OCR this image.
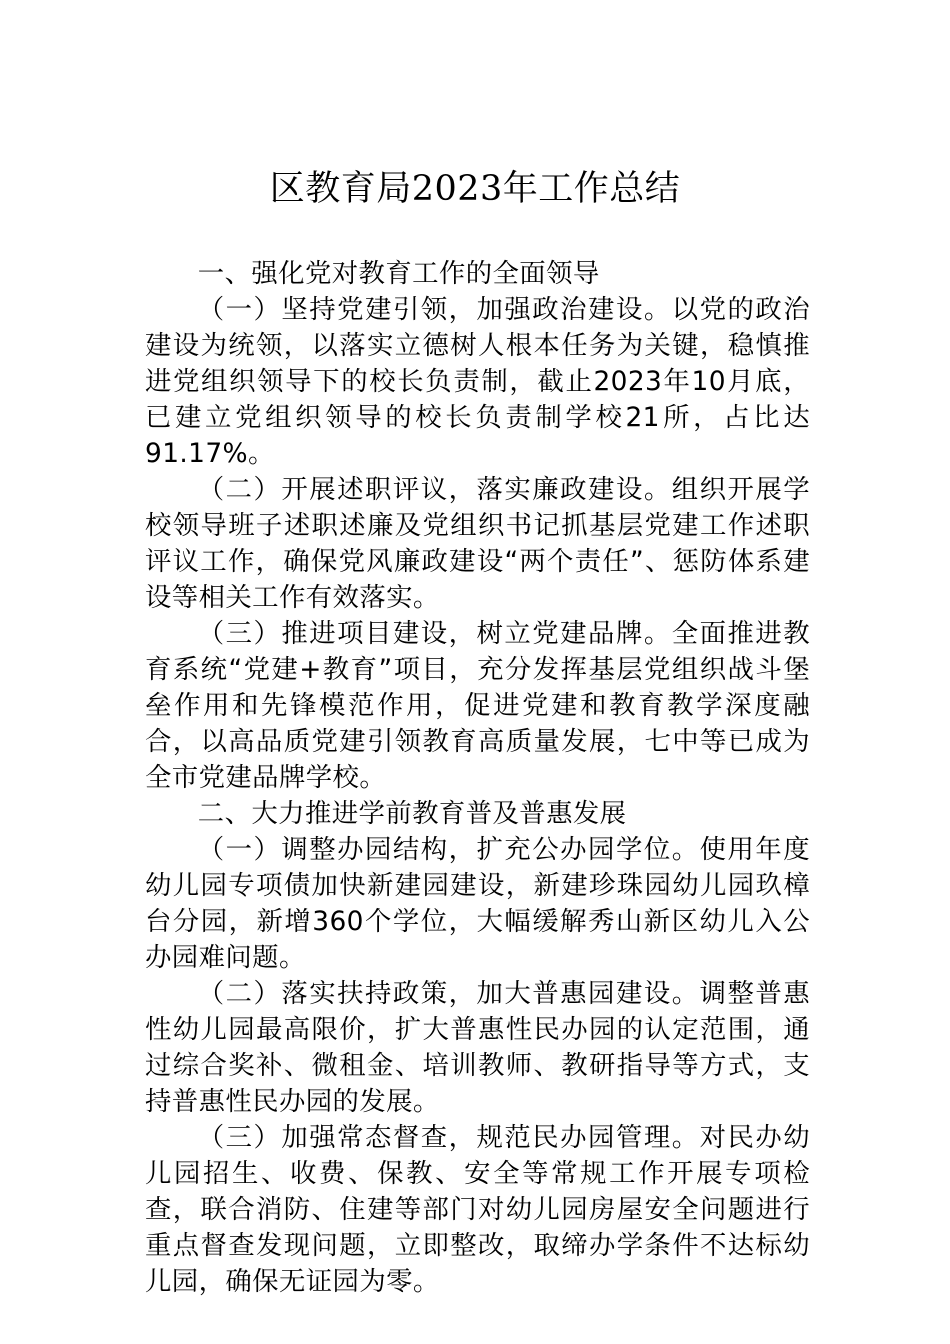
区教育局2023年工作总结

一、强化党对教育工作的全面领导

（一）坚持党建引领，加强政治建设。以党的政治建设为统领，以落实立德树人根本任务为关键，稳慎推进党组织领导下的校长负责制，截止2023年10月底，已建立党组织领导的校长负责制学校21所，占比达91.17%。

（二）开展述职评议，落实廉政建设。组织开展学校领导班子述职述廉及党组织书记抓基层党建工作述职评议工作，确保党风廉政建设“两个责任”、惩防体系建设等相关工作有效落实。

（三）推进项目建设，树立党建品牌。全面推进教育系统“党建+教育”项目，充分发挥基层党组织战斗堡垒作用和先锋模范作用，促进党建和教育教学深度融合，以高品质党建引领教育高质量发展，七中等已成为全市党建品牌学校。

二、大力推进学前教育普及普惠发展

（一）调整办园结构，扩充公办园学位。使用年度幼儿园专项债加快新建园建设，新建珍珠园幼儿园玖樟台分园，新增360个学位，大幅缓解秀山新区幼儿入公办园难问题。

（二）落实扶持政策，加大普惠园建设。调整普惠性幼儿园最高限价，扩大普惠性民办园的认定范围，通过综合奖补、微租金、培训教师、教研指导等方式，支持普惠性民办园的发展。

（三）加强常态督查，规范民办园管理。对民办幼儿园招生、收费、保教、安全等常规工作开展专项检查，联合消防、住建等部门对幼儿园房屋安全问题进行重点督查发现问题，立即整改，取缔办学条件不达标幼儿园，确保无证园为零。
